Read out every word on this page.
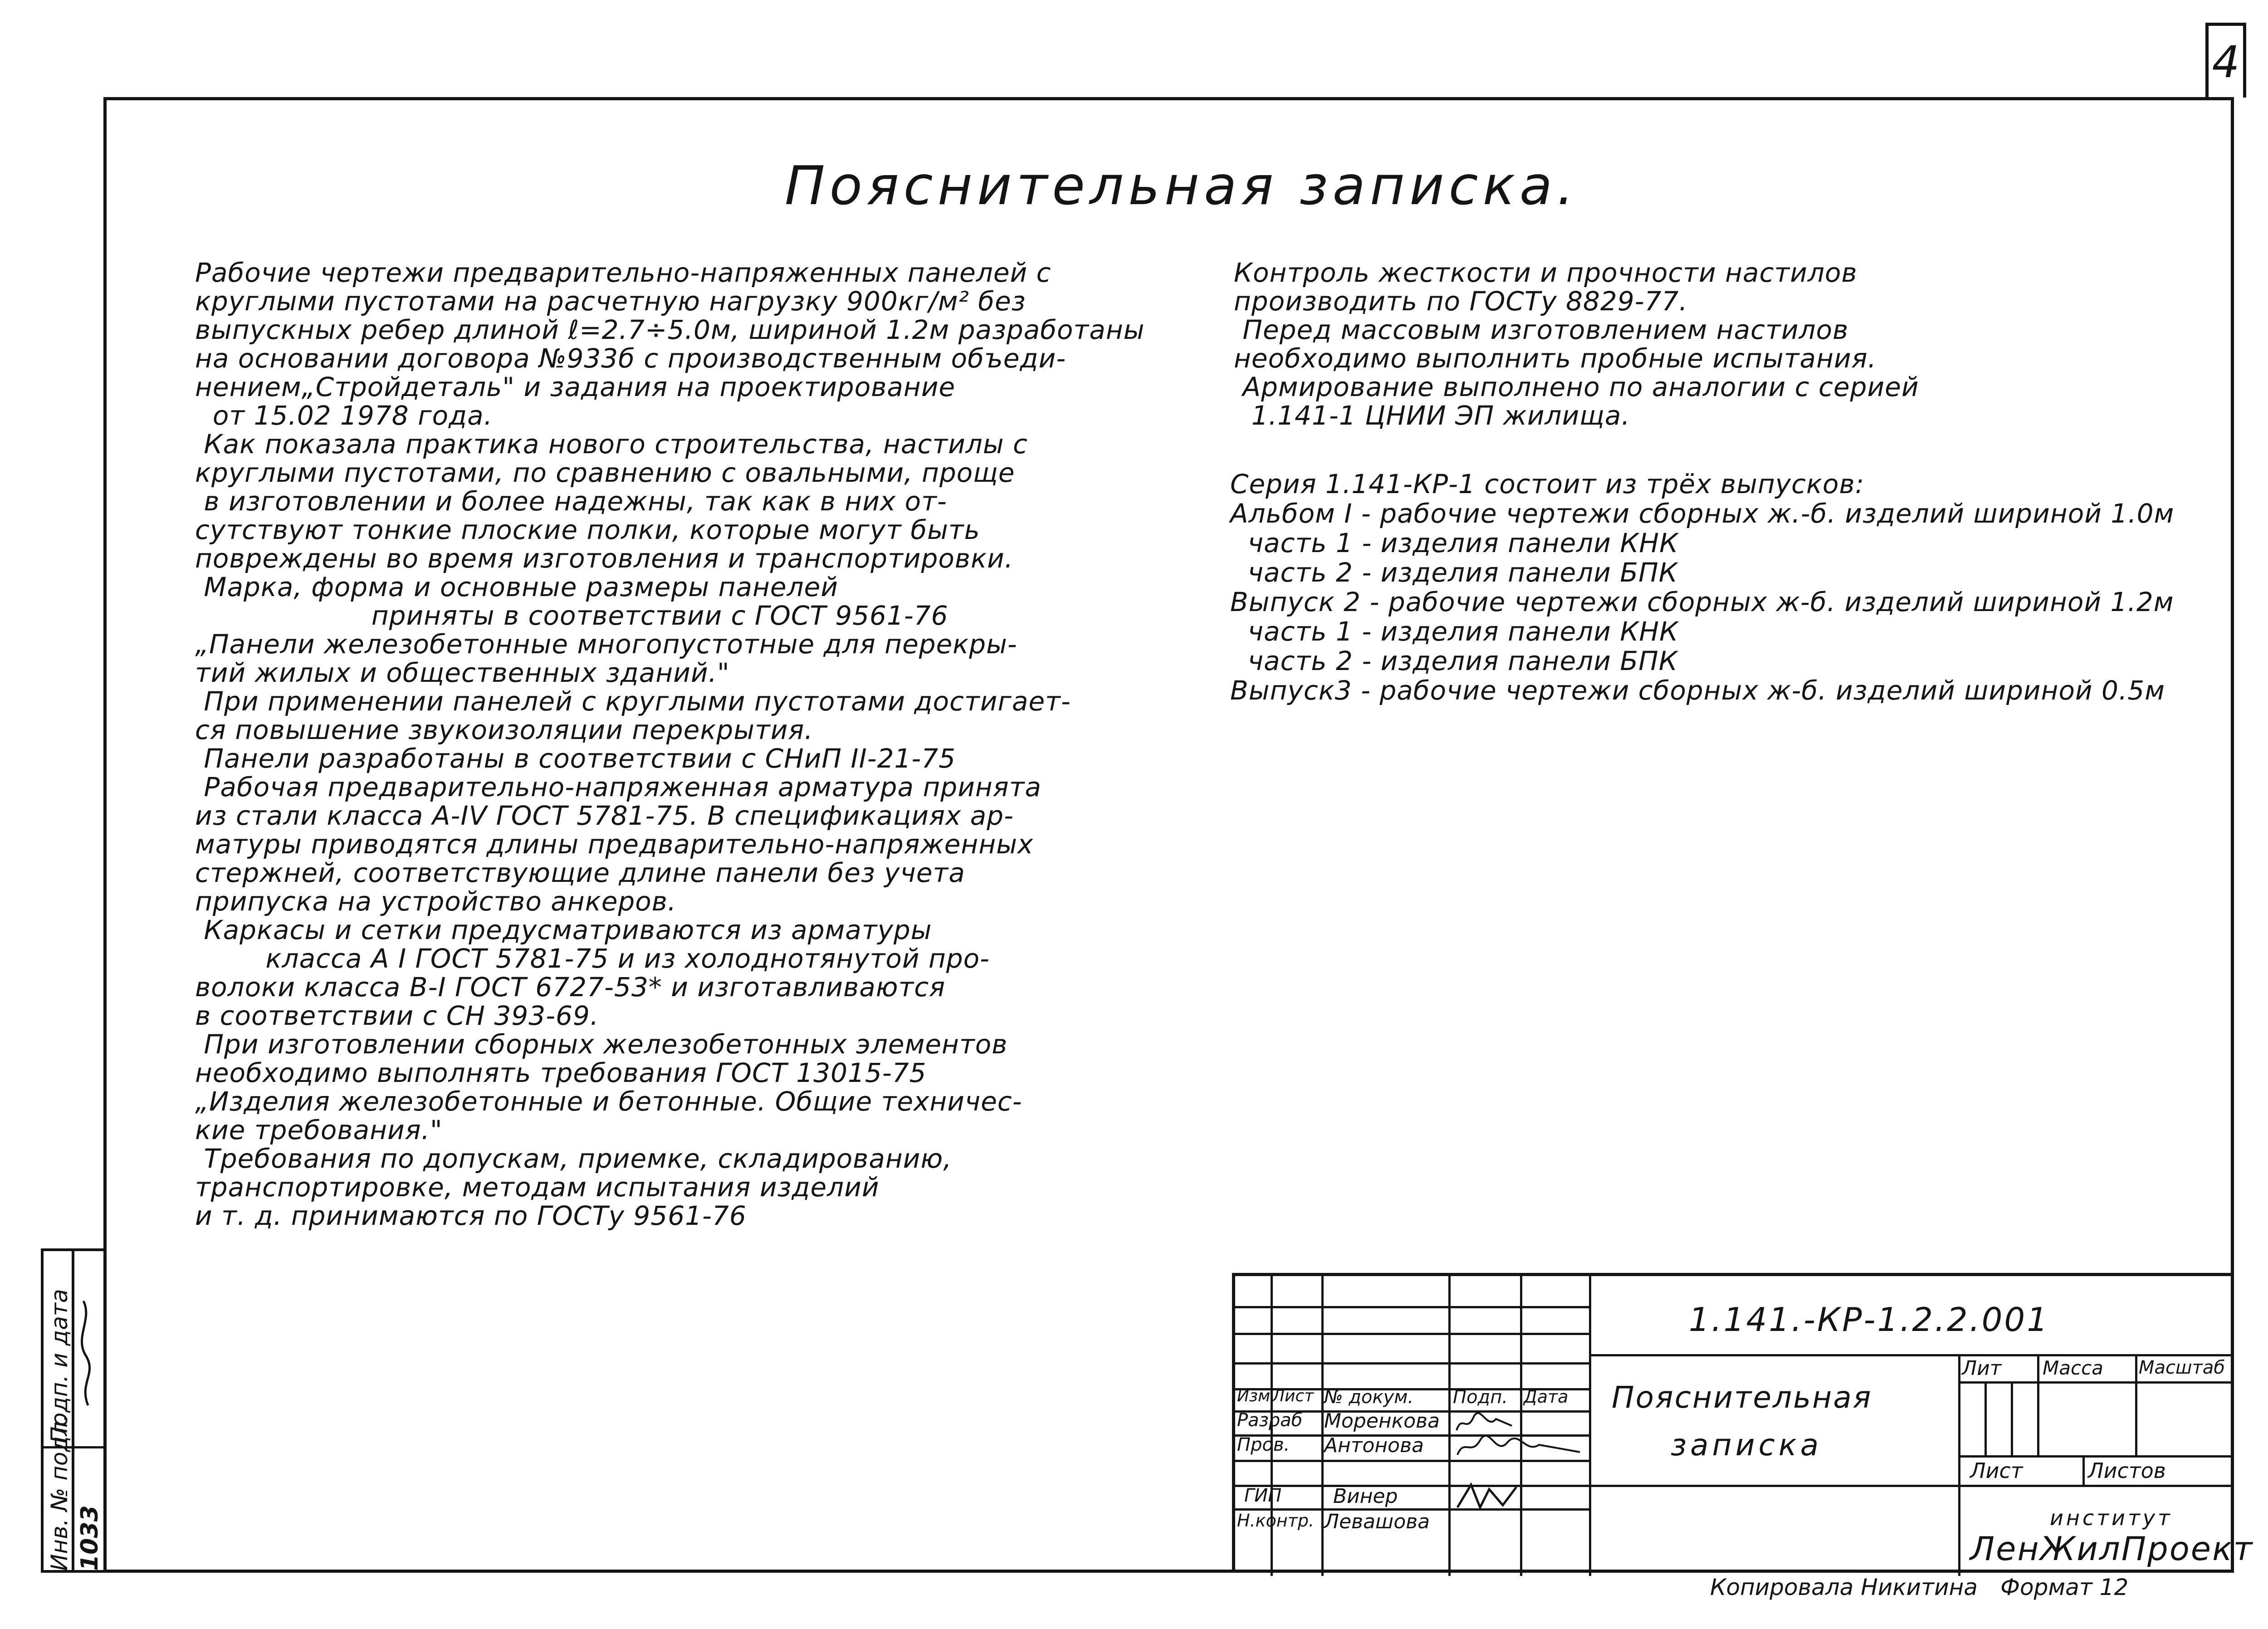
4
Пояснительная записка.
Рабочие чертежи предварительно-напряженных панелей с
круглыми пустотами на расчетную нагрузку 900кг/м² без
выпускных ребер длиной ℓ=2.7÷5.0м, шириной 1.2м разработаны
на основании договора №933б с производственным объеди-
нением„Стройдеталь" и задания на проектирование
от 15.02 1978 года.
Как показала практика нового строительства, настилы с
круглыми пустотами, по сравнению с овальными, проще
в изготовлении и более надежны, так как в них от-
сутствуют тонкие плоские полки, которые могут быть
повреждены во время изготовления и транспортировки.
Марка, форма и основные размеры панелей
приняты в соответствии с ГОСТ 9561-76
„Панели железобетонные многопустотные для перекры-
тий жилых и общественных зданий."
При применении панелей с круглыми пустотами достигает-
ся повышение звукоизоляции перекрытия.
Панели разработаны в соответствии с СНиП II-21-75
Рабочая предварительно-напряженная арматура принята
из стали класса А-IV ГОСТ 5781-75. В спецификациях ар-
матуры приводятся длины предварительно-напряженных
стержней, соответствующие длине панели без учета
припуска на устройство анкеров.
Каркасы и сетки предусматриваются из арматуры
класса А I ГОСТ 5781-75 и из холоднотянутой про-
волоки класса В-I ГОСТ 6727-53* и изготавливаются
в соответствии с СН 393-69.
При изготовлении сборных железобетонных элементов
необходимо выполнять требования ГОСТ 13015-75
„Изделия железобетонные и бетонные. Общие техничес-
кие требования."
Требования по допускам, приемке, складированию,
транспортировке, методам испытания изделий
и т. д. принимаются по ГОСТу 9561-76
Контроль жесткости и прочности настилов
производить по ГОСТу 8829-77.
Перед массовым изготовлением настилов
необходимо выполнить пробные испытания.
Армирование выполнено по аналогии с серией
1.141-1 ЦНИИ ЭП жилища.
Серия 1.141-КР-1 состоит из трёх выпусков:
Альбом I - рабочие чертежи сборных ж.-б. изделий шириной 1.0м
часть 1 - изделия панели КНК
часть 2 - изделия панели БПК
Выпуск 2 - рабочие чертежи сборных ж-б. изделий шириной 1.2м
часть 1 - изделия панели КНК
часть 2 - изделия панели БПК
Выпуск3 - рабочие чертежи сборных ж-б. изделий шириной 0.5м
Подп. и дата
Инв. № подл. 1033
1.141.-КР-1.2.2.001
Пояснительная
записка
Изм Лист № докум. Подп. Дата
Разраб Моренкова
Пров. Антонова
ГИП	Винер
Н.контр. Левашова
Лит Масса Масштаб
Лист	Листов
институт
ЛенЖилПроект
Копировала Никитина Формат 12
